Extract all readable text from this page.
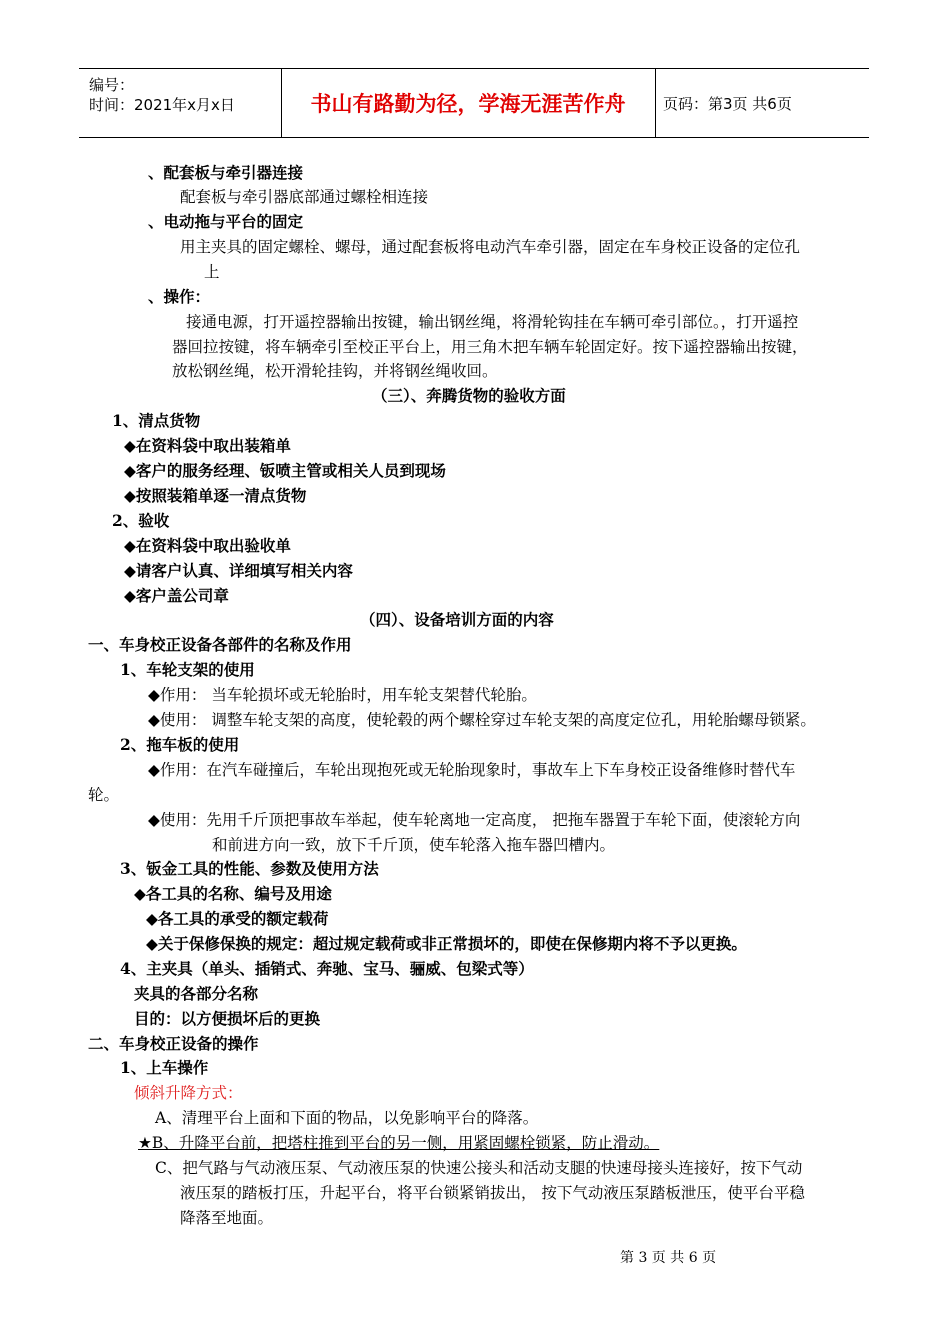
编号：
时间：2021年x月x日	书山有路勤为径，学海无涯苦作舟	页码：第3页 共6页
、配套板与牵引器连接
配套板与牵引器底部通过螺栓相连接
、电动拖与平台的固定
用主夹具的固定螺栓、螺母，通过配套板将电动汽车牵引器，固定在车身校正设备的定位孔
上
、操作：
接通电源，打开遥控器输出按键，输出钢丝绳，将滑轮钩挂在车辆可牵引部位。，打开遥控
器回拉按键，将车辆牵引至校正平台上，用三角木把车辆车轮固定好。按下遥控器输出按键，
放松钢丝绳，松开滑轮挂钩，并将钢丝绳收回。
（三）、奔腾货物的验收方面
1、清点货物
◆在资料袋中取出装箱单
◆客户的服务经理、钣喷主管或相关人员到现场
◆按照装箱单逐一清点货物
2、验收
◆在资料袋中取出验收单
◆请客户认真、详细填写相关内容
◆客户盖公司章
（四）、设备培训方面的内容
一、车身校正设备各部件的名称及作用
1、车轮支架的使用
◆作用： 当车轮损坏或无轮胎时，用车轮支架替代轮胎。
◆使用： 调整车轮支架的高度，使轮毂的两个螺栓穿过车轮支架的高度定位孔，用轮胎螺母锁紧。
2、拖车板的使用
◆作用：在汽车碰撞后，车轮出现抱死或无轮胎现象时，事故车上下车身校正设备维修时替代车
轮。
◆使用：先用千斤顶把事故车举起，使车轮离地一定高度， 把拖车器置于车轮下面，使滚轮方向
和前进方向一致，放下千斤顶，使车轮落入拖车器凹槽内。
3、钣金工具的性能、参数及使用方法
◆各工具的名称、编号及用途
◆各工具的承受的额定载荷
◆关于保修保换的规定：超过规定载荷或非正常损坏的，即使在保修期内将不予以更换。
4、主夹具（单头、插销式、奔驰、宝马、骊威、包梁式等）
夹具的各部分名称
目的：以方便损坏后的更换
二、车身校正设备的操作
1、上车操作
倾斜升降方式：
A、清理平台上面和下面的物品，以免影响平台的降落。
★B、升降平台前，把塔柱推到平台的另一侧，用紧固螺栓锁紧，防止滑动。
C、把气路与气动液压泵、气动液压泵的快速公接头和活动支腿的快速母接头连接好，按下气动
液压泵的踏板打压，升起平台，将平台锁紧销拔出， 按下气动液压泵踏板泄压，使平台平稳
降落至地面。
第 3 页 共 6 页
